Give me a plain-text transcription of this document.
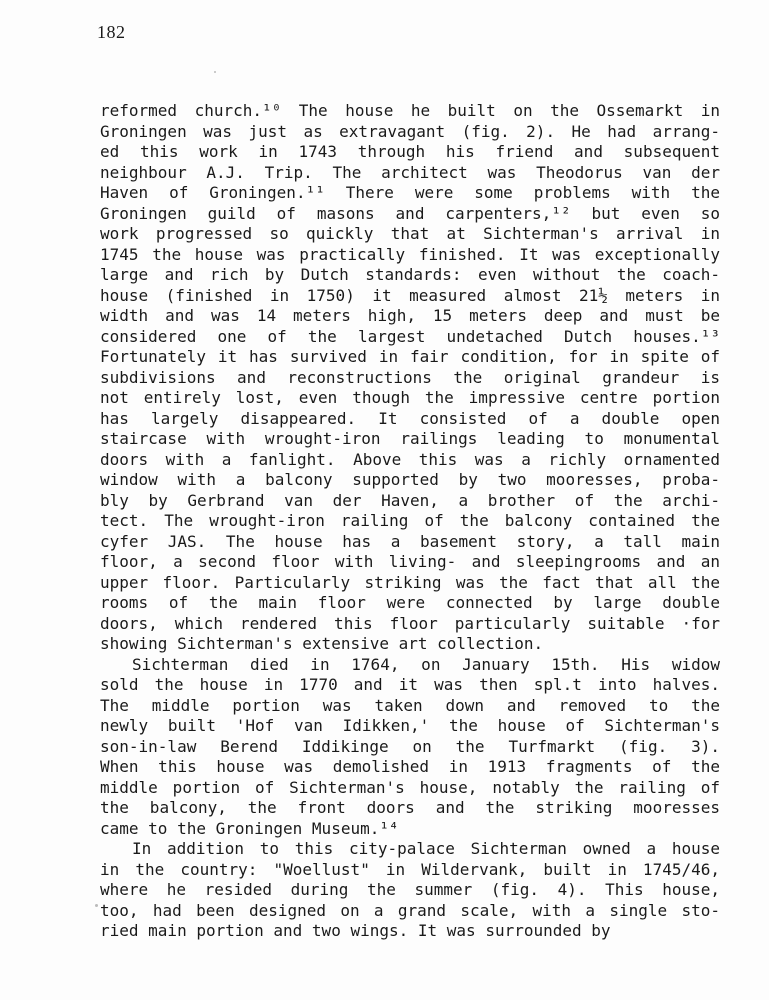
182
reformed church.¹⁰ The house he built on the Ossemarkt in
Groningen was just as extravagant (fig. 2). He had arrang-
ed this work in 1743 through his friend and subsequent
neighbour A.J. Trip. The architect was Theodorus van der
Haven of Groningen.¹¹ There were some problems with the
Groningen guild of masons and carpenters,¹² but even so
work progressed so quickly that at Sichterman's arrival in
1745 the house was practically finished. It was exceptionally
large and rich by Dutch standards: even without the coach-
house (finished in 1750) it measured almost 21½ meters in
width and was 14 meters high, 15 meters deep and must be
considered one of the largest undetached Dutch houses.¹³
Fortunately it has survived in fair condition, for in spite of
subdivisions and reconstructions the original grandeur is
not entirely lost, even though the impressive centre portion
has largely disappeared. It consisted of a double open
staircase with wrought-iron railings leading to monumental
doors with a fanlight. Above this was a richly ornamented
window with a balcony supported by two mooresses, proba-
bly by Gerbrand van der Haven, a brother of the archi-
tect. The wrought-iron railing of the balcony contained the
cyfer JAS. The house has a basement story, a tall main
floor, a second floor with living- and sleepingrooms and an
upper floor. Particularly striking was the fact that all the
rooms of the main floor were connected by large double
doors, which rendered this floor particularly suitable ·for
showing Sichterman's extensive art collection.
Sichterman died in 1764, on January 15th. His widow
sold the house in 1770 and it was then spl.t into halves.
The middle portion was taken down and removed to the
newly built 'Hof van Idikken,' the house of Sichterman's
son-in-law Berend Iddikinge on the Turfmarkt (fig. 3).
When this house was demolished in 1913 fragments of the
middle portion of Sichterman's house, notably the railing of
the balcony, the front doors and the striking mooresses
came to the Groningen Museum.¹⁴
In addition to this city-palace Sichterman owned a house
in the country: "Woellust" in Wildervank, built in 1745/46,
where he resided during the summer (fig. 4). This house,
too, had been designed on a grand scale, with a single sto-
ried main portion and two wings. It was surrounded by
